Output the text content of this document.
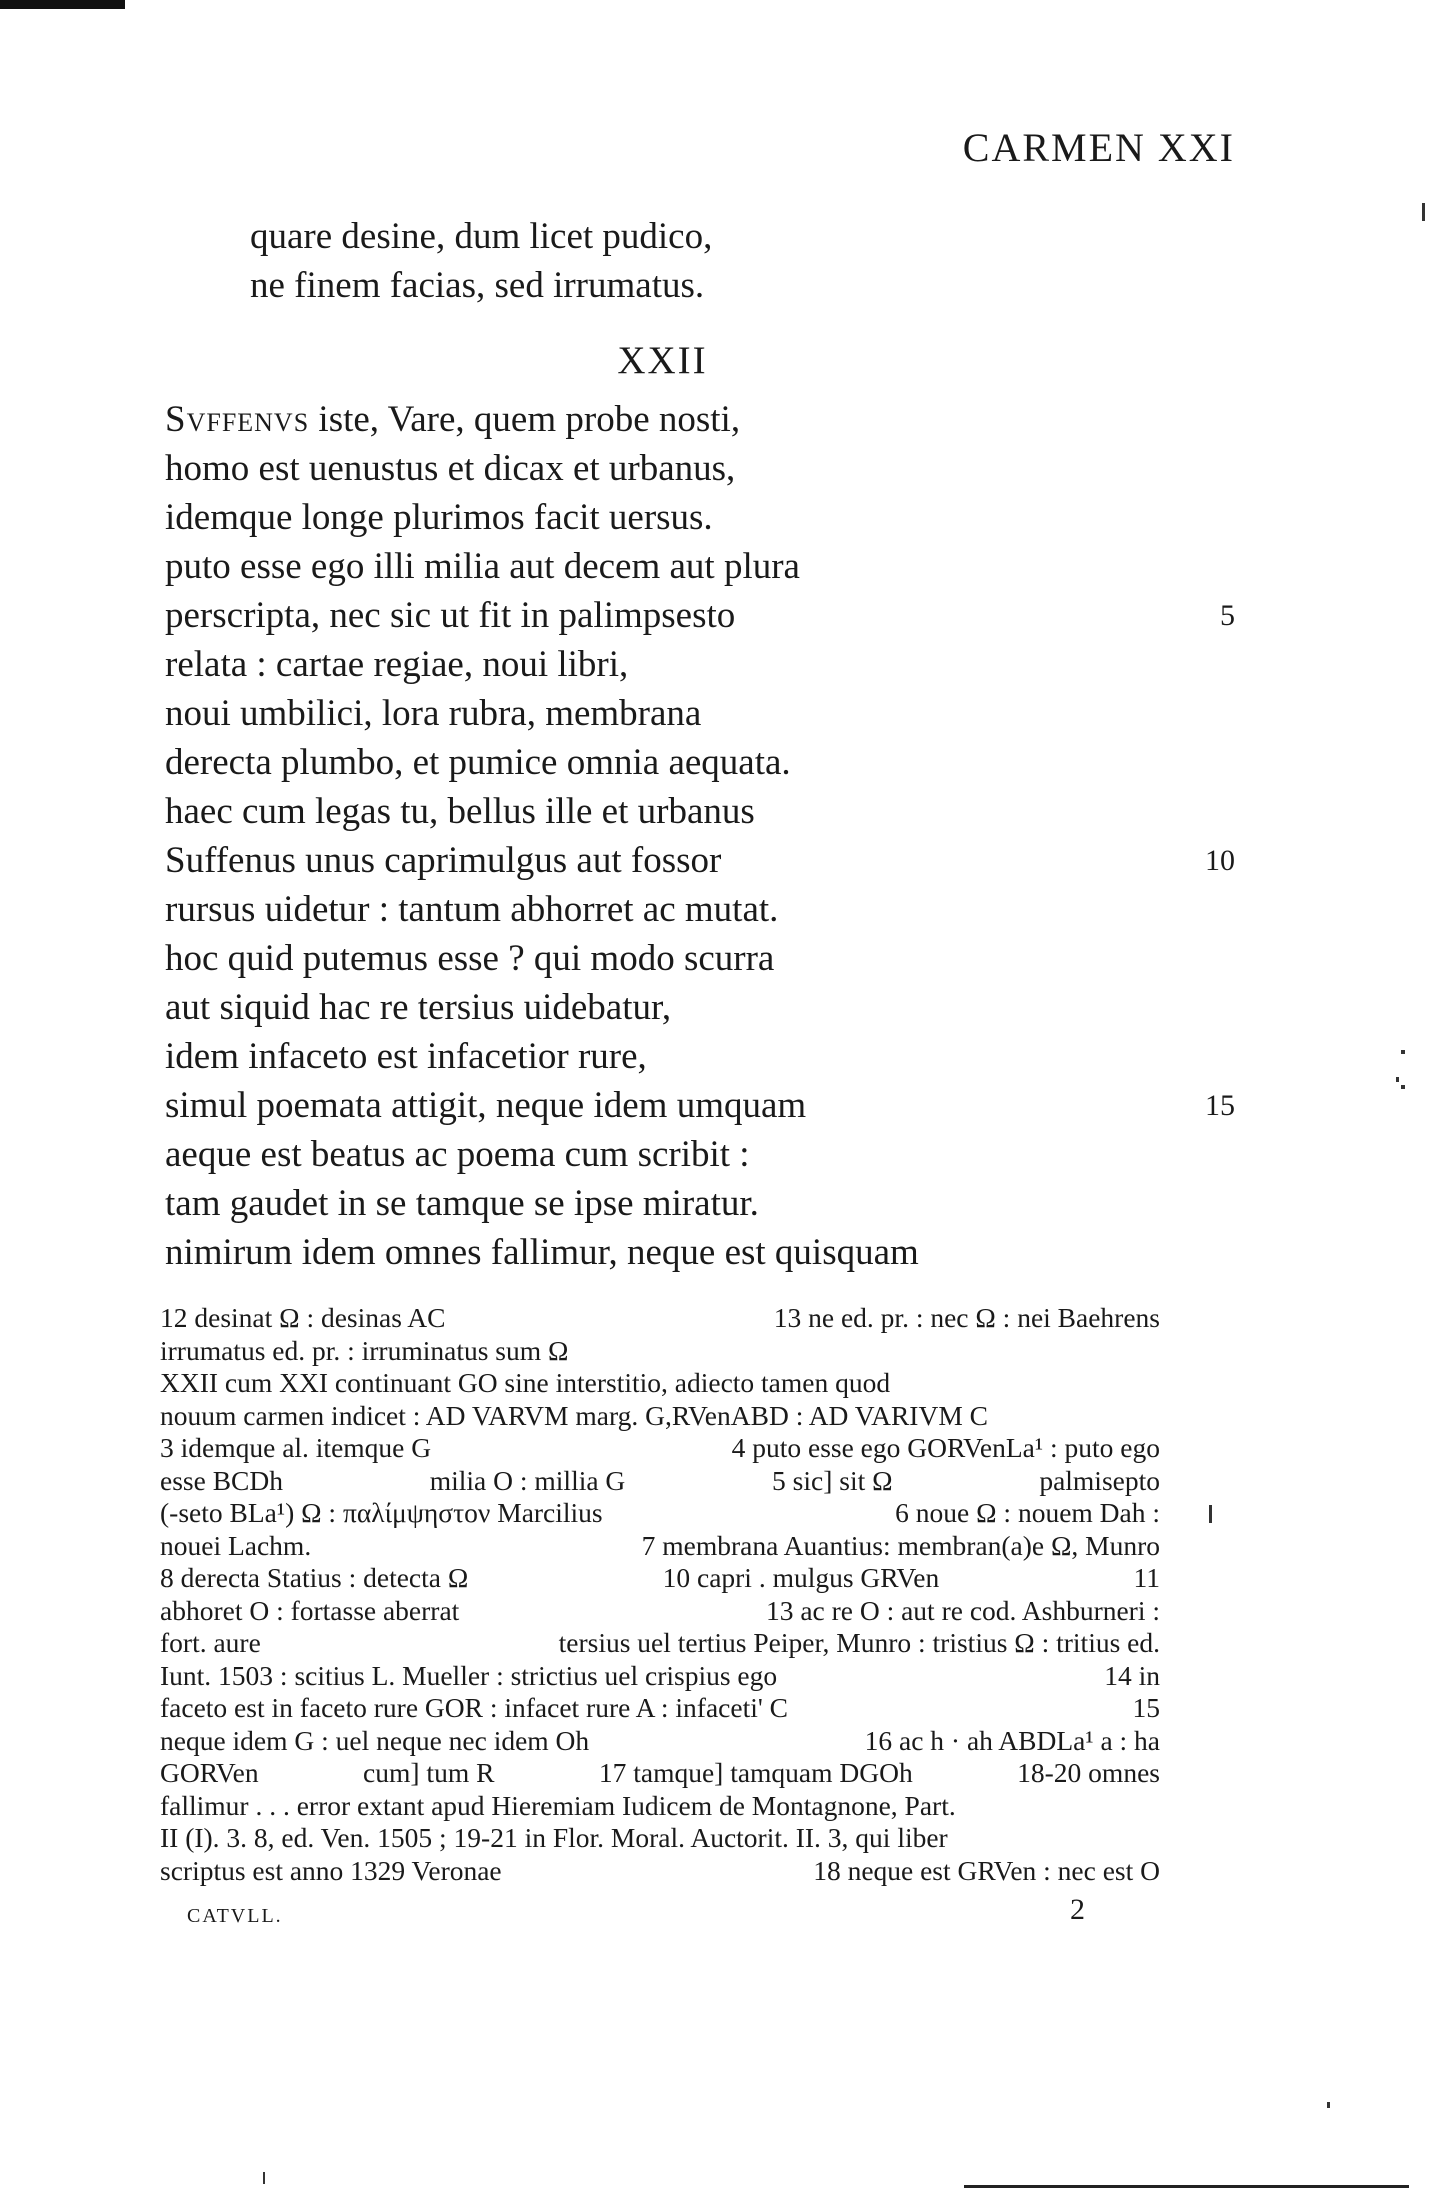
CARMEN XXI
quare desine, dum licet pudico,
ne finem facias, sed irrumatus.
XXII
Svffenvs iste, Vare, quem probe nosti,
homo est uenustus et dicax et urbanus,
idemque longe plurimos facit uersus.
puto esse ego illi milia aut decem aut plura
perscripta, nec sic ut fit in palimpsesto	5
relata : cartae regiae, noui libri,
noui umbilici, lora rubra, membrana
derecta plumbo, et pumice omnia aequata.
haec cum legas tu, bellus ille et urbanus
Suffenus unus caprimulgus aut fossor	10
rursus uidetur : tantum abhorret ac mutat.
hoc quid putemus esse ? qui modo scurra
aut siquid hac re tersius uidebatur,
idem infaceto est infacetior rure,
simul poemata attigit, neque idem umquam	15
aeque est beatus ac poema cum scribit :
tam gaudet in se tamque se ipse miratur.
nimirum idem omnes fallimur, neque est quisquam
12 desinat Ω : desinas AC	13 ne ed. pr. : nec Ω : nei Baehrens
irrumatus ed. pr. : irruminatus sum Ω
XXII cum XXI continuant GO sine interstitio, adiecto tamen quod
nouum carmen indicet : AD VARVM marg. G,RVenABD : AD VARIVM C
3 idemque al. itemque G	4 puto esse ego GORVenLa¹ : puto ego
esse BCDh	milia O : millia G	5 sic] sit Ω	palmisepto
(-seto BLa¹) Ω : παλίμψηστον Marcilius	6 noue Ω : nouem Dah :
nouei Lachm.	7 membrana Auantius: membran(a)e Ω, Munro
8 derecta Statius : detecta Ω	10 capri . mulgus GRVen	11
abhoret O : fortasse aberrat	13 ac re O : aut re cod. Ashburneri :
fort. aure	tersius uel tertius Peiper, Munro : tristius Ω : tritius ed.
Iunt. 1503 : scitius L. Mueller : strictius uel crispius ego	14 in
faceto est in faceto rure GOR : infacet rure A : infaceti' C	15
neque idem G : uel neque nec idem Oh	16 ac h · ah ABDLa¹ a : ha
GORVen	cum] tum R	17 tamque] tamquam DGOh	18-20 omnes
fallimur . . . error extant apud Hieremiam Iudicem de Montagnone, Part.
II (I). 3. 8, ed. Ven. 1505 ; 19-21 in Flor. Moral. Auctorit. II. 3, qui liber
scriptus est anno 1329 Veronae	18 neque est GRVen : nec est O
CATVLL.	2
